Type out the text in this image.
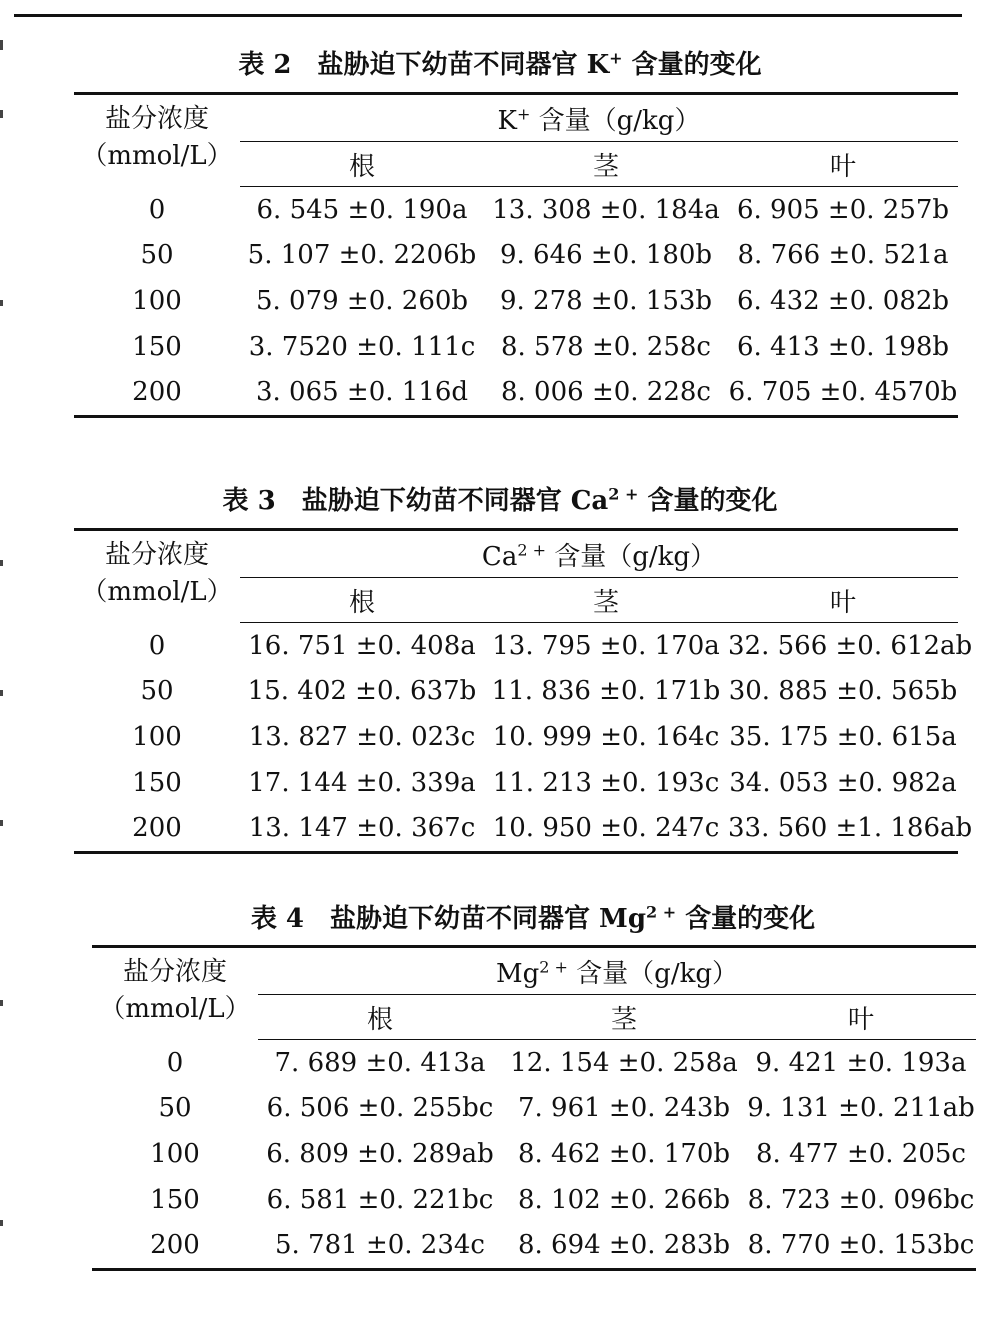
表 2 盐胁迫下幼苗不同器官 K+ 含量的变化
盐分浓度
（mmol/L）	K+ 含量（g/kg）		
	根	茎	叶
0	6. 545 ±0. 190a	13. 308 ±0. 184a	6. 905 ±0. 257b
50	5. 107 ±0. 2206b	9. 646 ±0. 180b	8. 766 ±0. 521a
100	5. 079 ±0. 260b	9. 278 ±0. 153b	6. 432 ±0. 082b
150	3. 7520 ±0. 111c	8. 578 ±0. 258c	6. 413 ±0. 198b
200	3. 065 ±0. 116d	8. 006 ±0. 228c	6. 705 ±0. 4570b
表 3 盐胁迫下幼苗不同器官 $Ca^{2 +}$ 含量的变化
盐分浓度
（mmol/L）	$Ca^{2 +}$ 含量（g/kg）		
	根	茎	叶
0	16. 751 ±0. 408a	13. 795 ±0. 170a	32. 566 ±0. 612ab
50	15. 402 ±0. 637b	11. 836 ±0. 171b	30. 885 ±0. 565b
100	13. 827 ±0. 023c	10. 999 ±0. 164c	35. 175 ±0. 615a
150	17. 144 ±0. 339a	11. 213 ±0. 193c	34. 053 ±0. 982a
200	13. 147 ±0. 367c	10. 950 ±0. 247c	33. 560 ±1. 186ab
表 4 盐胁迫下幼苗不同器官 $Mg^{2 +}$ 含量的变化
盐分浓度
（mmol/L）	$Mg^{2 +}$ 含量（g/kg）		
	根	茎	叶
0	7. 689 ±0. 413a	12. 154 ±0. 258a	9. 421 ±0. 193a
50	6. 506 ±0. 255bc	7. 961 ±0. 243b	9. 131 ±0. 211ab
100	6. 809 ±0. 289ab	8. 462 ±0. 170b	8. 477 ±0. 205c
150	6. 581 ±0. 221bc	8. 102 ±0. 266b	8. 723 ±0. 096bc
200	5. 781 ±0. 234c	8. 694 ±0. 283b	8. 770 ±0. 153bc
